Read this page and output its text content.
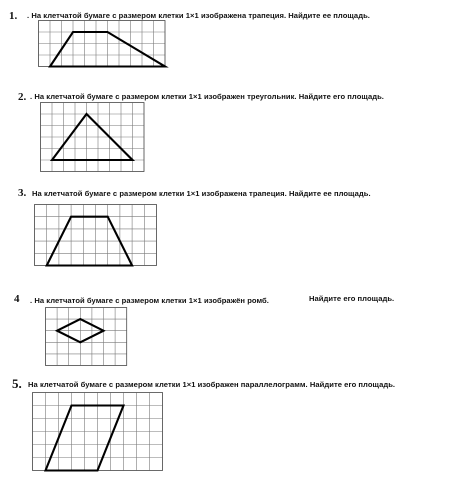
1. . На клетчатой бумаге с размером клетки 1×1 изображена трапеция. Найдите ее площадь.
2. . На клетчатой бумаге с размером клетки 1×1 изображен треугольник. Найдите его площадь.
3. На клетчатой бумаге с размером клетки 1×1 изображена трапеция. Найдите ее площадь.
4 . На клетчатой бумаге с размером клетки 1×1 изображён ромб.	Найдите его площадь.
5. На клетчатой бумаге с размером клетки 1×1 изображен параллелограмм. Найдите его площадь.
